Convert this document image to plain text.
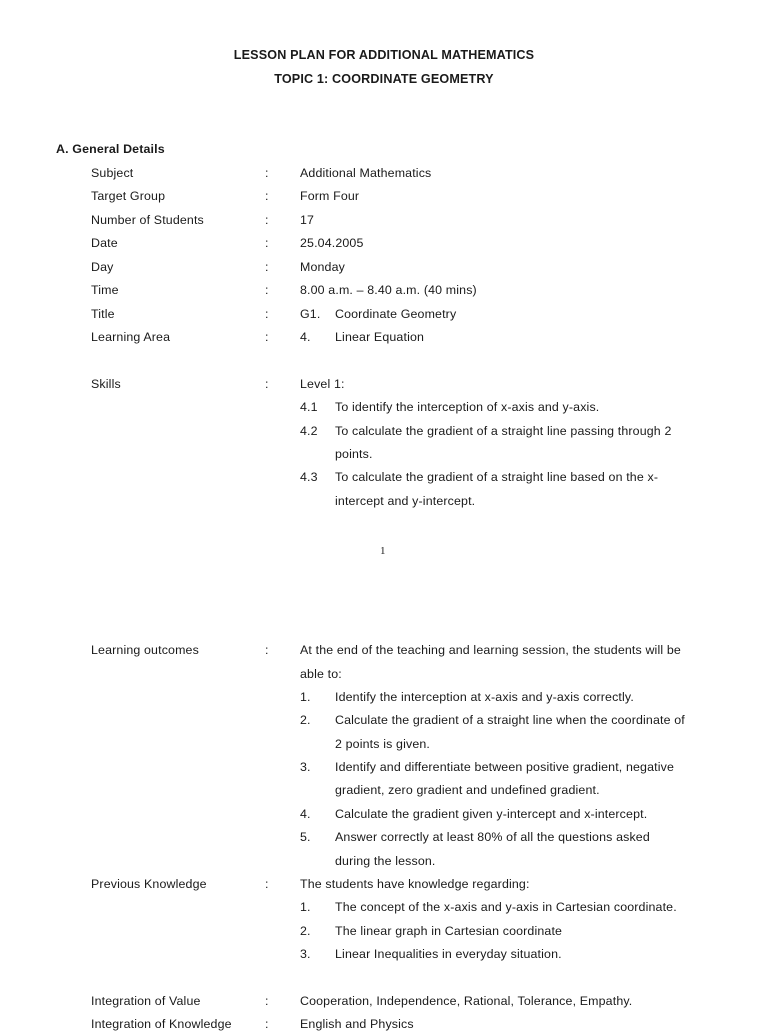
LESSON PLAN FOR ADDITIONAL MATHEMATICS
TOPIC 1: COORDINATE GEOMETRY
A. General Details
Subject	:	Additional Mathematics
Target Group	:	Form Four
Number of Students	:	17
Date	:	25.04.2005
Day	:	Monday
Time	:	8.00 a.m. – 8.40 a.m. (40 mins)
Title	:	G1. Coordinate Geometry
Learning Area	:	4. Linear Equation
Skills	:	Level 1:
4.1 To identify the interception of x-axis and y-axis.
4.2 To calculate the gradient of a straight line passing through 2
points.
4.3 To calculate the gradient of a straight line based on the x-
intercept and y-intercept.
1
Learning outcomes	:	At the end of the teaching and learning session, the students will be
able to:
1. Identify the interception at x-axis and y-axis correctly.
2. Calculate the gradient of a straight line when the coordinate of
2 points is given.
3. Identify and differentiate between positive gradient, negative
gradient, zero gradient and undefined gradient.
4. Calculate the gradient given y-intercept and x-intercept.
5. Answer correctly at least 80% of all the questions asked
during the lesson.
Previous Knowledge	:	The students have knowledge regarding:
1. The concept of the x-axis and y-axis in Cartesian coordinate.
2. The linear graph in Cartesian coordinate
3. Linear Inequalities in everyday situation.
Integration of Value	:	Cooperation, Independence, Rational, Tolerance, Empathy.
Integration of Knowledge	:	English and Physics
